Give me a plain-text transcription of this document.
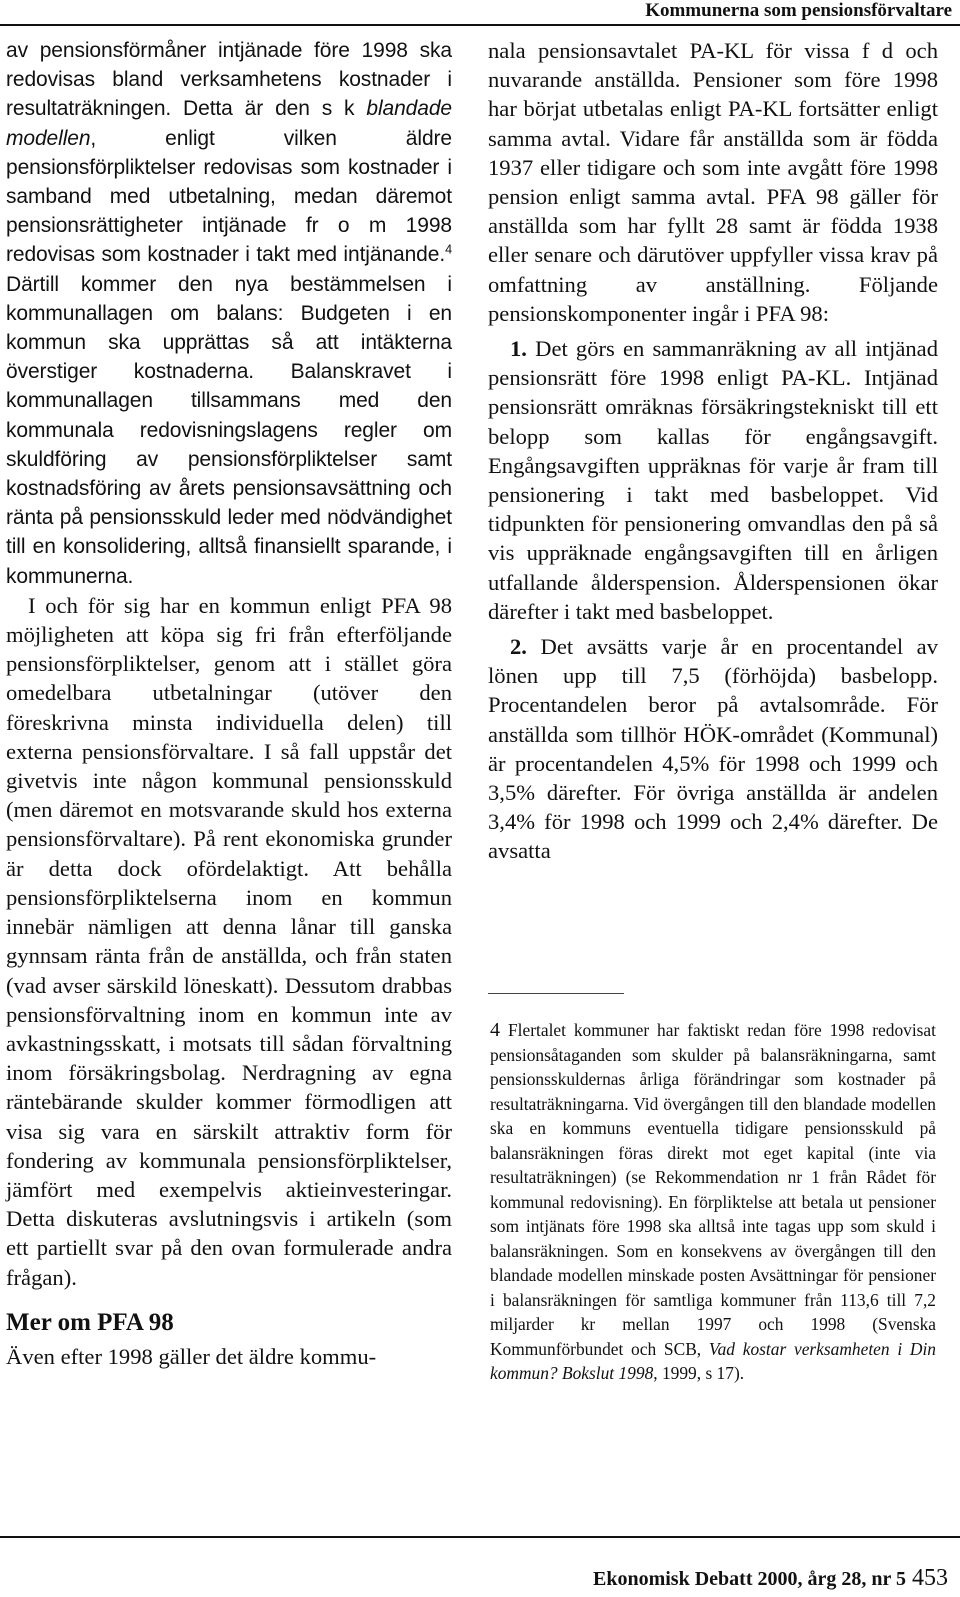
Kommunerna som pensionsförvaltare

av pensionsförmåner intjänade före 1998 ska redovisas bland verksamhetens kostnader i resultaträkningen. Detta är den s k blandade modellen, enligt vilken äldre pensionsförpliktelser redovisas som kostnader i samband med utbetalning, medan däremot pensionsrättigheter intjänade fr o m 1998 redovisas som kostnader i takt med intjänande.$^4$ Därtill kommer den nya bestämmelsen i kommunallagen om balans: Budgeten i en kommun ska upprättas så att intäkterna överstiger kostnaderna. Balanskravet i kommunallagen tillsammans med den kommunala redovisningslagens regler om skuldföring av pensionsförpliktelser samt kostnadsföring av årets pensionsavsättning och ränta på pensionsskuld leder med nödvändighet till en konsolidering, alltså finansiellt sparande, i kommunerna.

I och för sig har en kommun enligt PFA 98 möjligheten att köpa sig fri från efterföljande pensionsförpliktelser, genom att i stället göra omedelbara utbetalningar (utöver den föreskrivna minsta individuella delen) till externa pensionsförvaltare. I så fall uppstår det givetvis inte någon kommunal pensionsskuld (men däremot en motsvarande skuld hos externa pensionsförvaltare). På rent ekonomiska grunder är detta dock ofördelaktigt. Att behålla pensionsförpliktelserna inom en kommun innebär nämligen att denna lånar till ganska gynnsam ränta från de anställda, och från staten (vad avser särskild löneskatt). Dessutom drabbas pensionsförvaltning inom en kommun inte av avkastningsskatt, i motsats till sådan förvaltning inom försäkringsbolag. Nerdragning av egna räntebärande skulder kommer förmodligen att visa sig vara en särskilt attraktiv form för fondering av kommunala pensionsförpliktelser, jämfört med exempelvis aktieinvesteringar. Detta diskuteras avslutningsvis i artikeln (som ett partiellt svar på den ovan formulerade andra frågan).

Mer om PFA 98

Även efter 1998 gäller det äldre kommu-

nala pensionsavtalet PA-KL för vissa f d och nuvarande anställda. Pensioner som före 1998 har börjat utbetalas enligt PA-KL fortsätter enligt samma avtal. Vidare får anställda som är födda 1937 eller tidigare och som inte avgått före 1998 pension enligt samma avtal. PFA 98 gäller för anställda som har fyllt 28 samt är födda 1938 eller senare och därutöver uppfyller vissa krav på omfattning av anställning. Följande pensionskomponenter ingår i PFA 98:

1. Det görs en sammanräkning av all intjänad pensionsrätt före 1998 enligt PA-KL. Intjänad pensionsrätt omräknas försäkringstekniskt till ett belopp som kallas för engångsavgift. Engångsavgiften uppräknas för varje år fram till pensionering i takt med basbeloppet. Vid tidpunkten för pensionering omvandlas den på så vis uppräknade engångsavgiften till en årligen utfallande ålderspension. Ålderspensionen ökar därefter i takt med basbeloppet.

2. Det avsätts varje år en procentandel av lönen upp till 7,5 (förhöjda) basbelopp. Procentandelen beror på avtalsområde. För anställda som tillhör HÖK-området (Kommunal) är procentandelen 4,5% för 1998 och 1999 och 3,5% därefter. För övriga anställda är andelen 3,4% för 1998 och 1999 och 2,4% därefter. De avsatta

4 Flertalet kommuner har faktiskt redan före 1998 redovisat pensionsåtaganden som skulder på balansräkningarna, samt pensionsskuldernas årliga förändringar som kostnader på resultaträkningarna. Vid övergången till den blandade modellen ska en kommuns eventuella tidigare pensionsskuld på balansräkningen föras direkt mot eget kapital (inte via resultaträkningen) (se Rekommendation nr 1 från Rådet för kommunal redovisning). En förpliktelse att betala ut pensioner som intjänats före 1998 ska alltså inte tagas upp som skuld i balansräkningen. Som en konsekvens av övergången till den blandade modellen minskade posten Avsättningar för pensioner i balansräkningen för samtliga kommuner från 113,6 till 7,2 miljarder kr mellan 1997 och 1998 (Svenska Kommunförbundet och SCB, Vad kostar verksamheten i Din kommun? Bokslut 1998, 1999, s 17).
Ekonomisk Debatt 2000, årg 28, nr 5 453
